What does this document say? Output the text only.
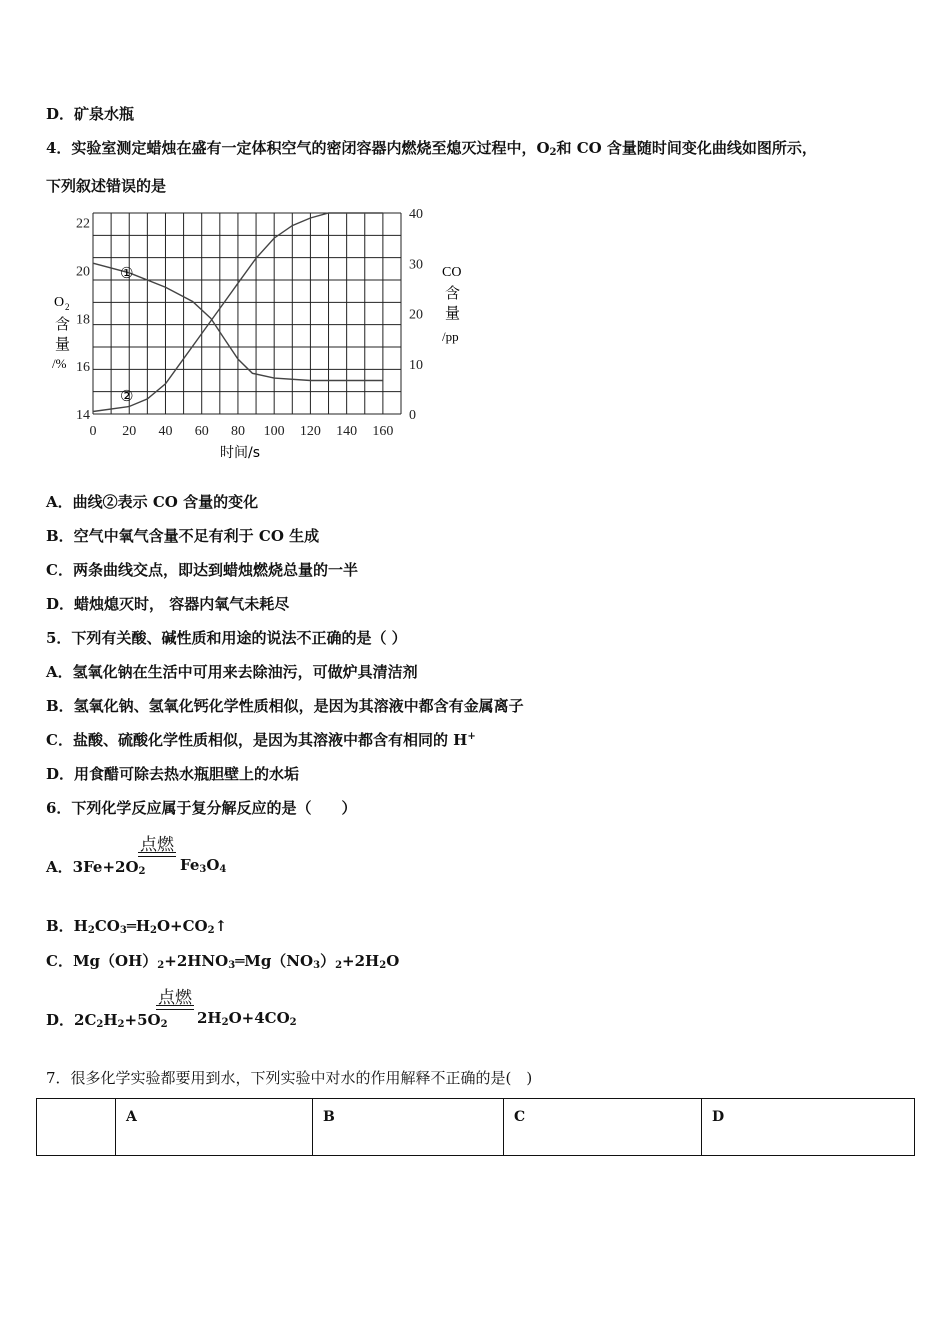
D．矿泉水瓶
4．实验室测定蜡烛在盛有一定体积空气的密闭容器内燃烧至熄灭过程中，$O_2$和 CO 含量随时间变化曲线如图所示，
下列叙述错误的是
14
16
18
20
22
0
10
20
30
40
0 20 40 60 80 100 120 140 160
①
②
O 2
含
量
/%
CO
含
量
/pp
时间/s
A．曲线②表示 CO 含量的变化
B．空气中氧气含量不足有利于 CO 生成
C．两条曲线交点，即达到蜡烛燃烧总量的一半
D．蜡烛熄灭时， 容器内氧气未耗尽
5．下列有关酸、碱性质和用途的说法不正确的是（ ）
A．氢氧化钠在生活中可用来去除油污，可做炉具清洁剂
B．氢氧化钠、氢氧化钙化学性质相似，是因为其溶液中都含有金属离子
C．盐酸、硫酸化学性质相似，是因为其溶液中都含有相同的 H+
D．用食醋可除去热水瓶胆壁上的水垢
6．下列化学反应属于复分解反应的是（　　）
点燃
A．$3Fe+2O_2$ $Fe_3O_4$
B．$H_2CO_3═H_2O+CO_2↑$
C．$Mg(OH)_2+2HNO_3═Mg(NO_3)_2+2H_2O$
点燃
D．$2C_2H_2+5O_2$ $2H_2O+4CO_2$
7．很多化学实验都要用到水，下列实验中对水的作用解释不正确的是(　)
	A	B	C	D
